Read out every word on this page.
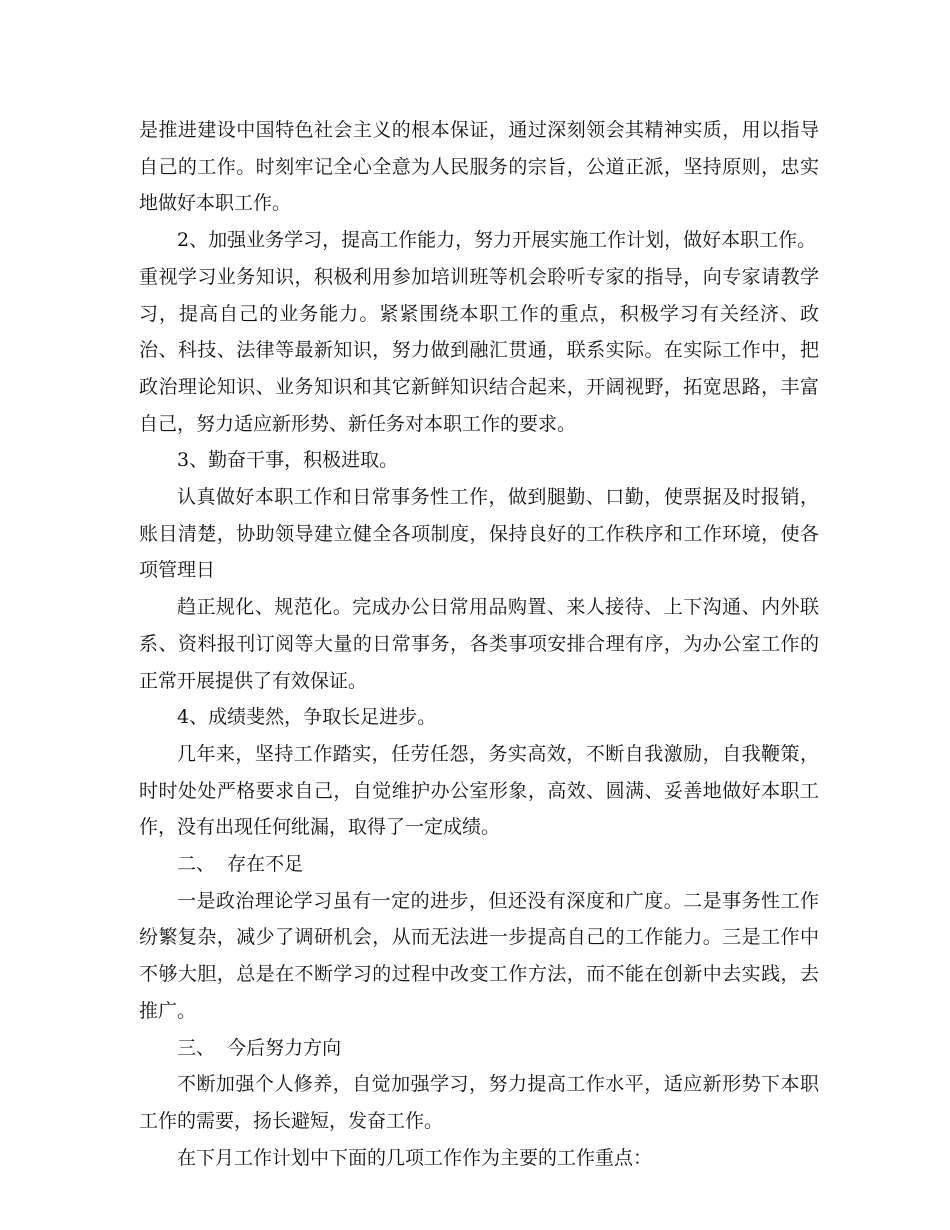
是推进建设中国特色社会主义的根本保证，通过深刻领会其精神实质，用以指导自己的工作。时刻牢记全心全意为人民服务的宗旨，公道正派，坚持原则，忠实地做好本职工作。

2、加强业务学习，提高工作能力，努力开展实施工作计划，做好本职工作。

重视学习业务知识，积极利用参加培训班等机会聆听专家的指导，向专家请教学习，提高自己的业务能力。紧紧围绕本职工作的重点，积极学习有关经济、政治、科技、法律等最新知识，努力做到融汇贯通，联系实际。在实际工作中，把政治理论知识、业务知识和其它新鲜知识结合起来，开阔视野，拓宽思路，丰富自己，努力适应新形势、新任务对本职工作的要求。

3、勤奋干事，积极进取。

认真做好本职工作和日常事务性工作，做到腿勤、口勤，使票据及时报销，账目清楚，协助领导建立健全各项制度，保持良好的工作秩序和工作环境，使各项管理日

趋正规化、规范化。完成办公日常用品购置、来人接待、上下沟通、内外联系、资料报刊订阅等大量的日常事务，各类事项安排合理有序，为办公室工作的正常开展提供了有效保证。

4、成绩斐然，争取长足进步。

几年来，坚持工作踏实，任劳任怨，务实高效，不断自我激励，自我鞭策，时时处处严格要求自己，自觉维护办公室形象，高效、圆满、妥善地做好本职工作，没有出现任何纰漏，取得了一定成绩。

二、  存在不足

一是政治理论学习虽有一定的进步，但还没有深度和广度。二是事务性工作纷繁复杂，减少了调研机会，从而无法进一步提高自己的工作能力。三是工作中不够大胆，总是在不断学习的过程中改变工作方法，而不能在创新中去实践，去推广。

三、  今后努力方向

不断加强个人修养，自觉加强学习，努力提高工作水平，适应新形势下本职工作的需要，扬长避短，发奋工作。

在下月工作计划中下面的几项工作作为主要的工作重点：
